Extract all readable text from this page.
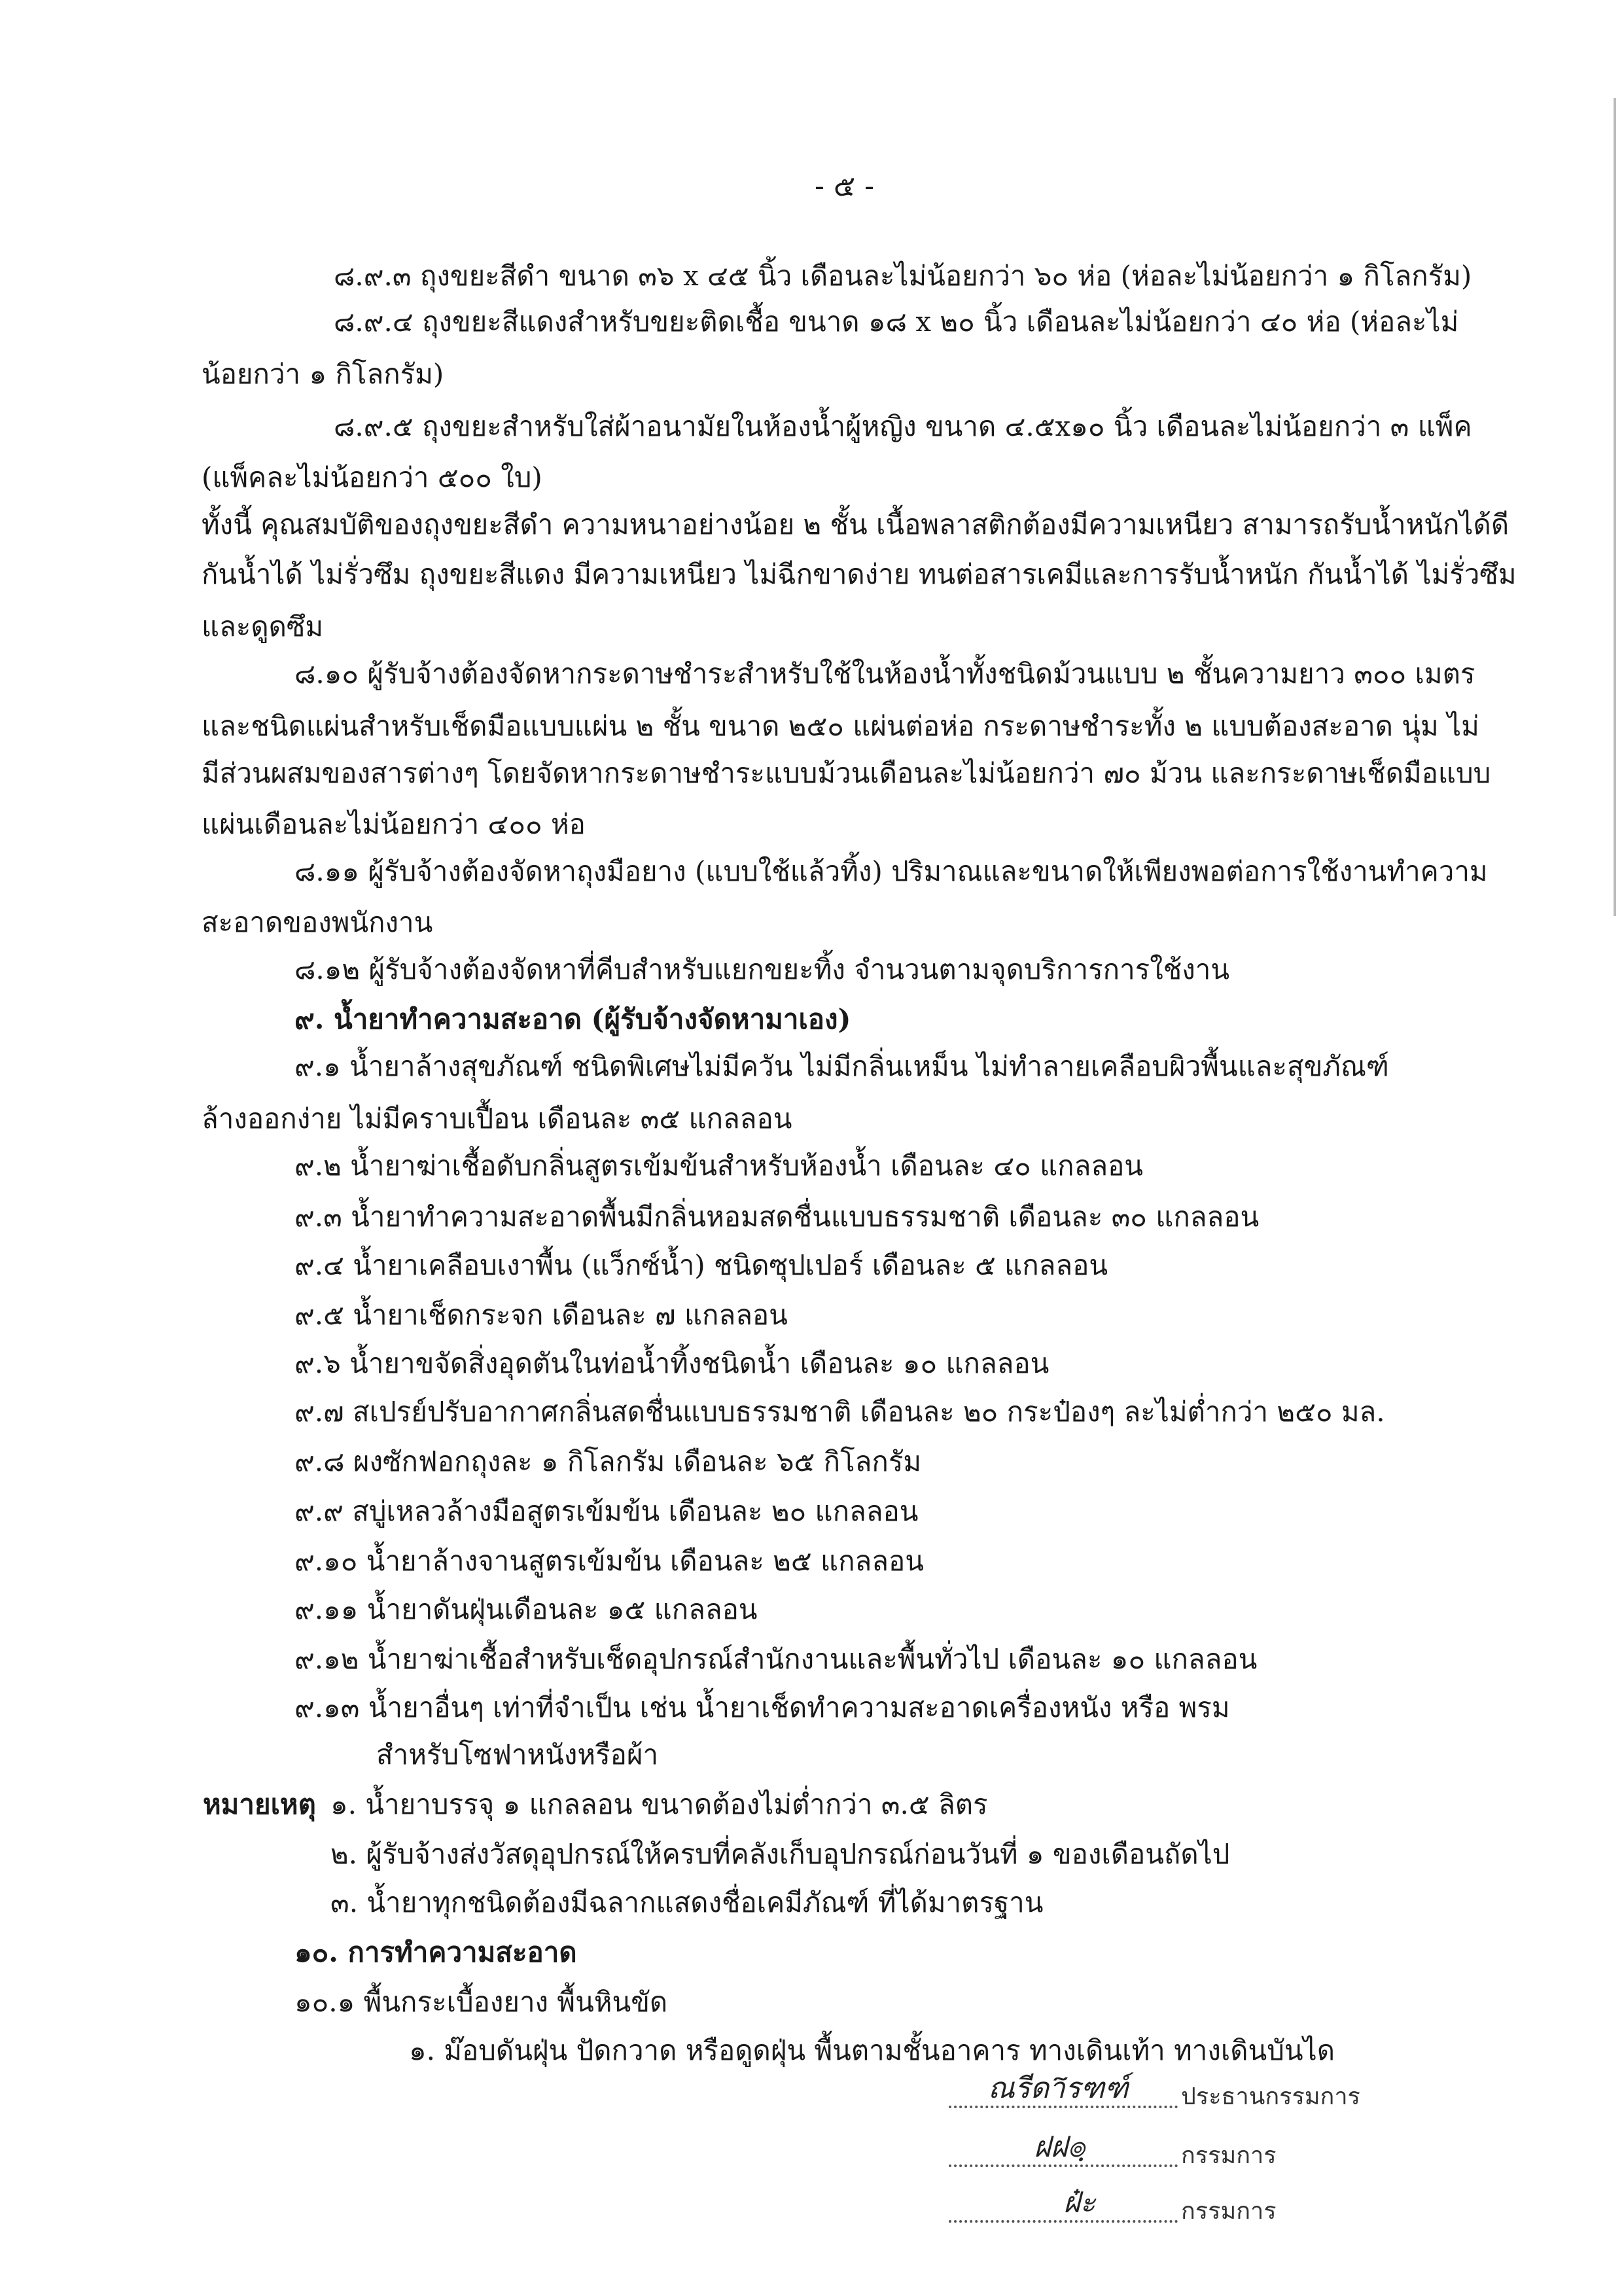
- ๕ -
๘.๙.๓ ถุงขยะสีดำ ขนาด ๓๖ x ๔๕ นิ้ว เดือนละไม่น้อยกว่า ๖๐ ห่อ (ห่อละไม่น้อยกว่า ๑ กิโลกรัม)
๘.๙.๔ ถุงขยะสีแดงสำหรับขยะติดเชื้อ ขนาด ๑๘ x ๒๐ นิ้ว เดือนละไม่น้อยกว่า ๔๐ ห่อ (ห่อละไม่
น้อยกว่า ๑ กิโลกรัม)
๘.๙.๕ ถุงขยะสำหรับใส่ผ้าอนามัยในห้องน้ำผู้หญิง ขนาด ๔.๕x๑๐ นิ้ว เดือนละไม่น้อยกว่า ๓ แพ็ค
(แพ็คละไม่น้อยกว่า ๕๐๐ ใบ)
ทั้งนี้ คุณสมบัติของถุงขยะสีดำ ความหนาอย่างน้อย ๒ ชั้น เนื้อพลาสติกต้องมีความเหนียว สามารถรับน้ำหนักได้ดี
กันน้ำได้ ไม่รั่วซึม ถุงขยะสีแดง มีความเหนียว ไม่ฉีกขาดง่าย ทนต่อสารเคมีและการรับน้ำหนัก กันน้ำได้ ไม่รั่วซึม
และดูดซึม
๘.๑๐ ผู้รับจ้างต้องจัดหากระดาษชำระสำหรับใช้ในห้องน้ำทั้งชนิดม้วนแบบ ๒ ชั้นความยาว ๓๐๐ เมตร
และชนิดแผ่นสำหรับเช็ดมือแบบแผ่น ๒ ชั้น ขนาด ๒๕๐ แผ่นต่อห่อ กระดาษชำระทั้ง ๒ แบบต้องสะอาด นุ่ม ไม่
มีส่วนผสมของสารต่างๆ โดยจัดหากระดาษชำระแบบม้วนเดือนละไม่น้อยกว่า ๗๐ ม้วน และกระดาษเช็ดมือแบบ
แผ่นเดือนละไม่น้อยกว่า ๔๐๐ ห่อ
๘.๑๑ ผู้รับจ้างต้องจัดหาถุงมือยาง (แบบใช้แล้วทิ้ง) ปริมาณและขนาดให้เพียงพอต่อการใช้งานทำความ
สะอาดของพนักงาน
๘.๑๒ ผู้รับจ้างต้องจัดหาที่คีบสำหรับแยกขยะทิ้ง จำนวนตามจุดบริการการใช้งาน
๙. น้ำยาทำความสะอาด (ผู้รับจ้างจัดหามาเอง)
๙.๑ น้ำยาล้างสุขภัณฑ์ ชนิดพิเศษไม่มีควัน ไม่มีกลิ่นเหม็น ไม่ทำลายเคลือบผิวพื้นและสุขภัณฑ์
ล้างออกง่าย ไม่มีคราบเปื้อน เดือนละ ๓๕ แกลลอน
๙.๒ น้ำยาฆ่าเชื้อดับกลิ่นสูตรเข้มข้นสำหรับห้องน้ำ เดือนละ ๔๐ แกลลอน
๙.๓ น้ำยาทำความสะอาดพื้นมีกลิ่นหอมสดชื่นแบบธรรมชาติ เดือนละ ๓๐ แกลลอน
๙.๔ น้ำยาเคลือบเงาพื้น (แว็กซ์น้ำ) ชนิดซุปเปอร์ เดือนละ ๕ แกลลอน
๙.๕ น้ำยาเช็ดกระจก เดือนละ ๗ แกลลอน
๙.๖ น้ำยาขจัดสิ่งอุดตันในท่อน้ำทิ้งชนิดน้ำ เดือนละ ๑๐ แกลลอน
๙.๗ สเปรย์ปรับอากาศกลิ่นสดชื่นแบบธรรมชาติ เดือนละ ๒๐ กระป๋องๆ ละไม่ต่ำกว่า ๒๕๐ มล.
๙.๘ ผงซักฟอกถุงละ ๑ กิโลกรัม เดือนละ ๖๕ กิโลกรัม
๙.๙ สบู่เหลวล้างมือสูตรเข้มข้น เดือนละ ๒๐ แกลลอน
๙.๑๐ น้ำยาล้างจานสูตรเข้มข้น เดือนละ ๒๕ แกลลอน
๙.๑๑ น้ำยาดันฝุ่นเดือนละ ๑๕ แกลลอน
๙.๑๒ น้ำยาฆ่าเชื้อสำหรับเช็ดอุปกรณ์สำนักงานและพื้นทั่วไป เดือนละ ๑๐ แกลลอน
๙.๑๓ น้ำยาอื่นๆ เท่าที่จำเป็น เช่น น้ำยาเช็ดทำความสะอาดเครื่องหนัง หรือ พรม
สำหรับโซฟาหนังหรือผ้า
หมายเหตุ ๑. น้ำยาบรรจุ ๑ แกลลอน ขนาดต้องไม่ต่ำกว่า ๓.๕ ลิตร
๒. ผู้รับจ้างส่งวัสดุอุปกรณ์ให้ครบที่คลังเก็บอุปกรณ์ก่อนวันที่ ๑ ของเดือนถัดไป
๓. น้ำยาทุกชนิดต้องมีฉลากแสดงชื่อเคมีภัณฑ์ ที่ได้มาตรฐาน
๑๐. การทำความสะอาด
๑๐.๑ พื้นกระเบื้องยาง พื้นหินขัด
๑. ม๊อบดันฝุ่น ปัดกวาด หรือดูดฝุ่น พื้นตามชั้นอาคาร ทางเดินเท้า ทางเดินบันได
ณรีดา̃รฑฑ์ ประธานกรรมการ
ฝฝ๏ฺ	กรรมการ
ฝ๋ะ	กรรมการ
